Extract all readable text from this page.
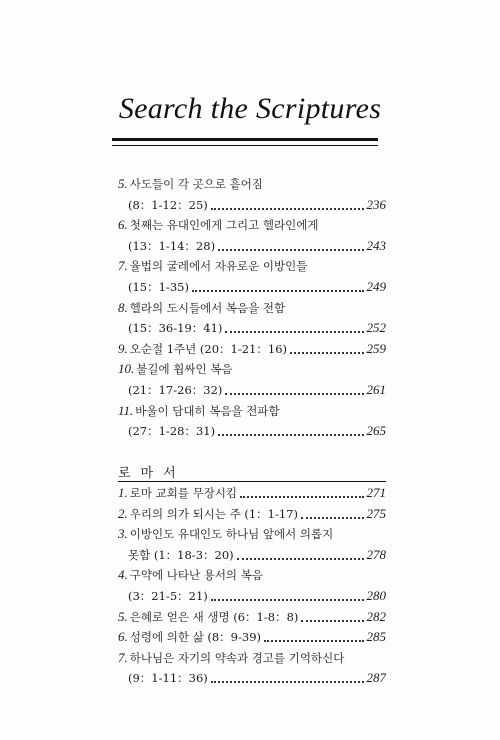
Search the Scriptures
5. 사도들이 각 곳으로 흩어짐
(8：1-12：25)	236
6. 첫째는 유대인에게 그리고 헬라인에게
(13：1-14：28)	243
7. 율법의 굴레에서 자유로운 이방인들
(15：1-35)	249
8. 헬라의 도시들에서 복음을 전함
(15：36-19：41)	252
9. 오순절 1주년 (20：1-21：16)	259
10. 불길에 휩싸인 복음
(21：17-26：32)	261
11. 바울이 담대히 복음을 전파함
(27：1-28：31)	265
로마서
1. 로마 교회를 무장시킴	271
2. 우리의 의가 되시는 주 (1：1-17)	275
3. 이방인도 유대인도 하나님 앞에서 의롭지
못함 (1：18-3：20)	278
4. 구약에 나타난 용서의 복음
(3：21-5：21)	280
5. 은혜로 얻은 새 생명 (6：1-8：8)	282
6. 성령에 의한 삶 (8：9-39)	285
7. 하나님은 자기의 약속과 경고를 기억하신다
(9：1-11：36)	287
